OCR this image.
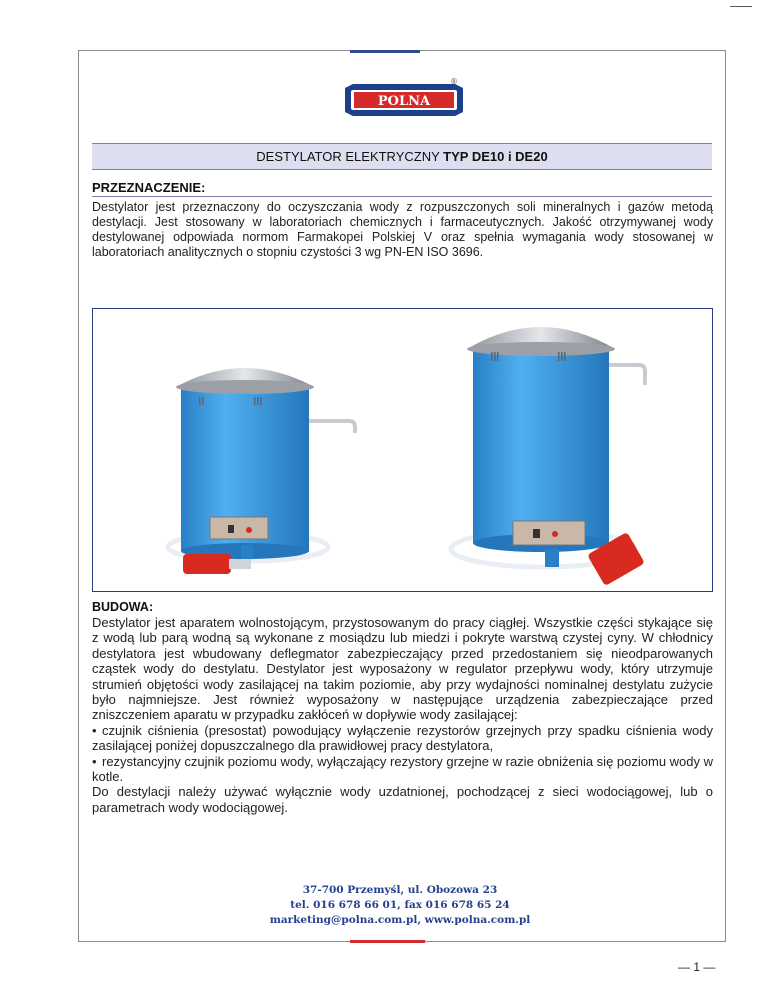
POLNA
®
DESTYLATOR ELEKTRYCZNY TYP DE10 i DE20
PRZEZNACZENIE:
Destylator jest przeznaczony do oczyszczania wody z rozpuszczonych soli mineralnych i gazów metodą destylacji. Jest stosowany w laboratoriach chemicznych i farmaceutycznych. Jakość otrzymywanej wody destylowanej odpowiada normom Farmakopei Polskiej V oraz spełnia wymagania wody stosowanej w laboratoriach analitycznych o stopniu czystości 3 wg PN-EN ISO 3696.
BUDOWA:
Destylator jest aparatem wolnostojącym, przystosowanym do pracy ciągłej. Wszystkie części stykające się z wodą lub parą wodną są wykonane z mosiądzu lub miedzi i pokryte warstwą czystej cyny. W chłodnicy destylatora jest wbudowany deflegmator zabezpieczający przed przedostaniem się nieodparowanych cząstek wody do destylatu. Destylator jest wyposażony w regulator przepływu wody, który utrzymuje strumień objętości wody zasilającej na takim poziomie, aby przy wydajności nominalnej destylatu zużycie było najmniejsze. Jest również wyposażony w następujące urządzenia zabezpieczające przed zniszczeniem aparatu w przypadku zakłóceń w dopływie wody zasilającej:
• czujnik ciśnienia (presostat) powodujący wyłączenie rezystorów grzejnych przy spadku ciśnienia wody zasilającej poniżej dopuszczalnego dla prawidłowej pracy destylatora,
• rezystancyjny czujnik poziomu wody, wyłączający rezystory grzejne w razie obniżenia się poziomu wody w kotle.
Do destylacji należy używać wyłącznie wody uzdatnionej, pochodzącej z sieci wodociągowej, lub o parametrach wody wodociągowej.
37-700 Przemyśl, ul. Obozowa 23
tel. 016 678 66 01, fax 016 678 65 24
marketing@polna.com.pl, www.polna.com.pl
— 1 —
